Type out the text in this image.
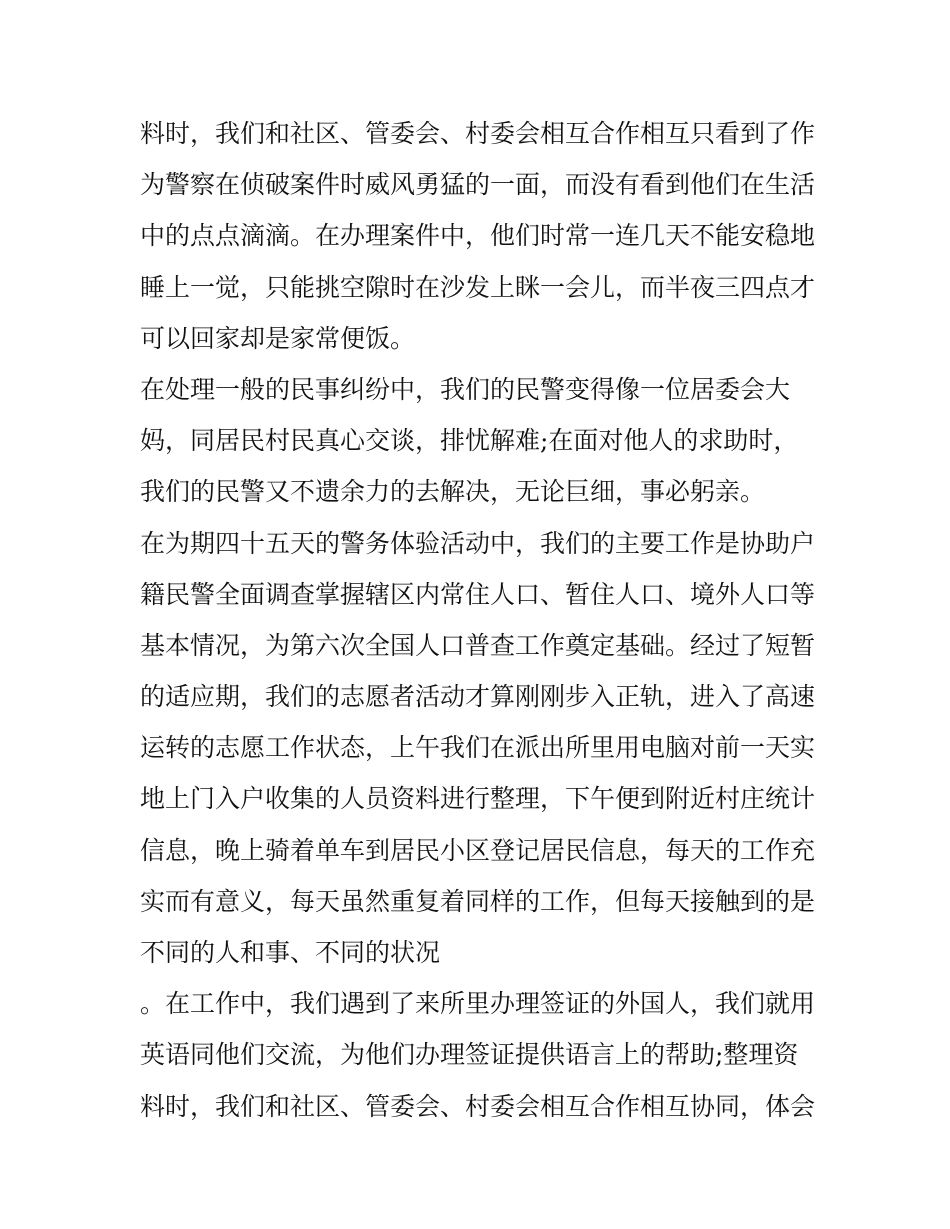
料时，我们和社区、管委会、村委会相互合作相互只看到了作
为警察在侦破案件时威风勇猛的一面，而没有看到他们在生活
中的点点滴滴。在办理案件中，他们时常一连几天不能安稳地
睡上一觉，只能挑空隙时在沙发上眯一会儿，而半夜三四点才
可以回家却是家常便饭。
在处理一般的民事纠纷中，我们的民警变得像一位居委会大
妈，同居民村民真心交谈，排忧解难;在面对他人的求助时，
我们的民警又不遗余力的去解决，无论巨细，事必躬亲。
在为期四十五天的警务体验活动中，我们的主要工作是协助户
籍民警全面调查掌握辖区内常住人口、暂住人口、境外人口等
基本情况，为第六次全国人口普查工作奠定基础。经过了短暂
的适应期，我们的志愿者活动才算刚刚步入正轨，进入了高速
运转的志愿工作状态，上午我们在派出所里用电脑对前一天实
地上门入户收集的人员资料进行整理，下午便到附近村庄统计
信息，晚上骑着单车到居民小区登记居民信息，每天的工作充
实而有意义，每天虽然重复着同样的工作，但每天接触到的是
不同的人和事、不同的状况
。在工作中，我们遇到了来所里办理签证的外国人，我们就用
英语同他们交流，为他们办理签证提供语言上的帮助;整理资
料时，我们和社区、管委会、村委会相互合作相互协同，体会
